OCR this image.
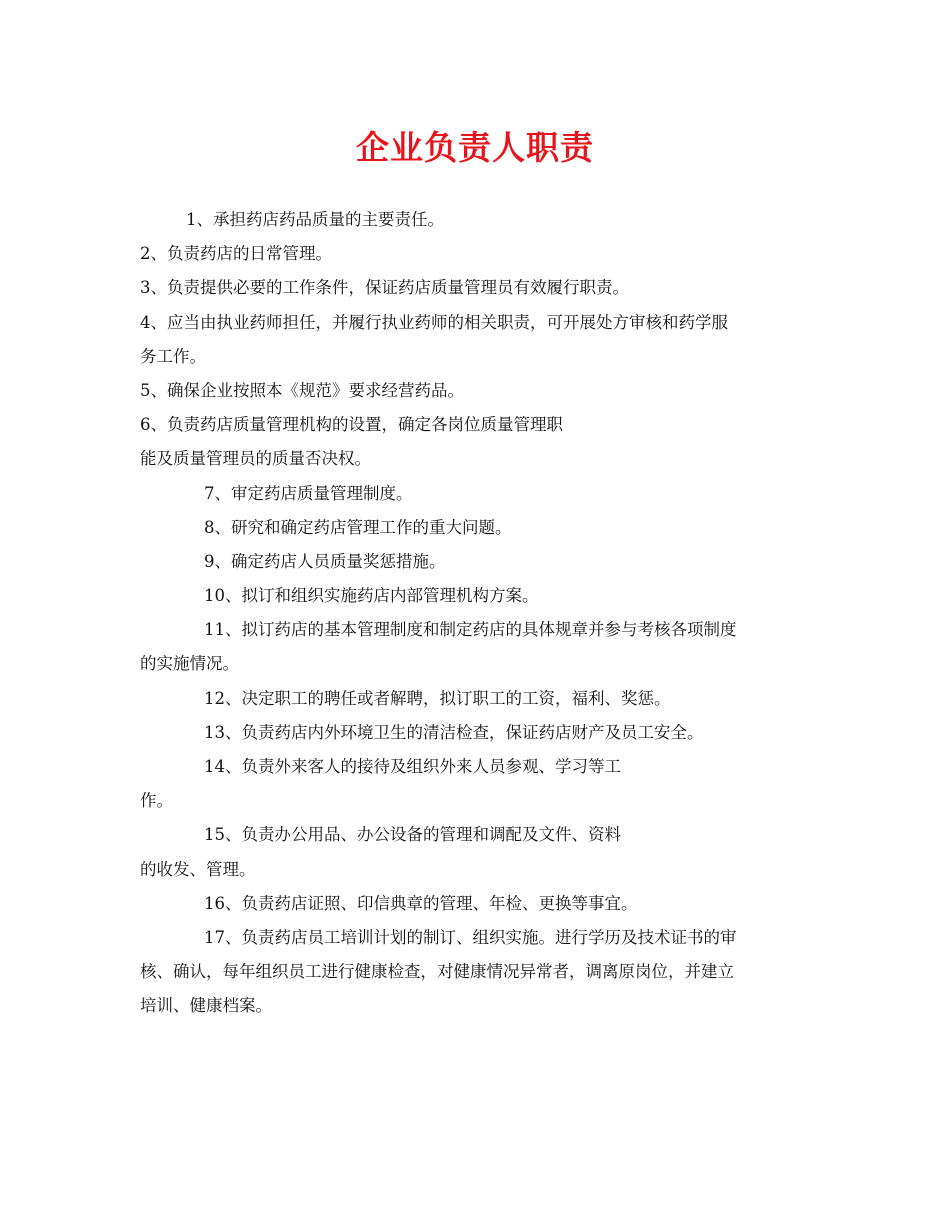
企业负责人职责
1、承担药店药品质量的主要责任。
2、负责药店的日常管理。
3、负责提供必要的工作条件，保证药店质量管理员有效履行职责。
4、应当由执业药师担任，并履行执业药师的相关职责，可开展处方审核和药学服
务工作。
5、确保企业按照本《规范》要求经营药品。
6、负责药店质量管理机构的设置，确定各岗位质量管理职
能及质量管理员的质量否决权。
7、审定药店质量管理制度。
8、研究和确定药店管理工作的重大问题。
9、确定药店人员质量奖惩措施。
10、拟订和组织实施药店内部管理机构方案。
11、拟订药店的基本管理制度和制定药店的具体规章并参与考核各项制度
的实施情况。
12、决定职工的聘任或者解聘，拟订职工的工资，福利、奖惩。
13、负责药店内外环境卫生的清洁检查，保证药店财产及员工安全。
14、负责外来客人的接待及组织外来人员参观、学习等工
作。
15、负责办公用品、办公设备的管理和调配及文件、资料
的收发、管理。
16、负责药店证照、印信典章的管理、年检、更换等事宜。
17、负责药店员工培训计划的制订、组织实施。进行学历及技术证书的审
核、确认，每年组织员工进行健康检查，对健康情况异常者，调离原岗位，并建立
培训、健康档案。
